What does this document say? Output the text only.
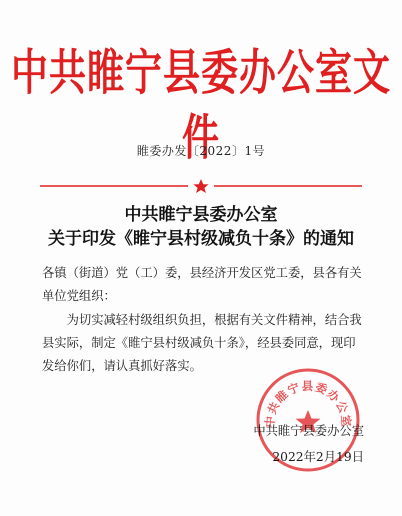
中共睢宁县委办公室文件
睢委办发〔2022〕1号
中共睢宁县委办公室
关于印发《睢宁县村级减负十条》的通知
各镇（街道）党（工）委，县经济开发区党工委，县各有关单位党组织：
为切实减轻村级组织负担，根据有关文件精神，结合我县实际，制定《睢宁县村级减负十条》，经县委同意，现印发给你们，请认真抓好落实。
中共睢宁县委办公室
中共睢宁县委办公室
2022年2月19日
